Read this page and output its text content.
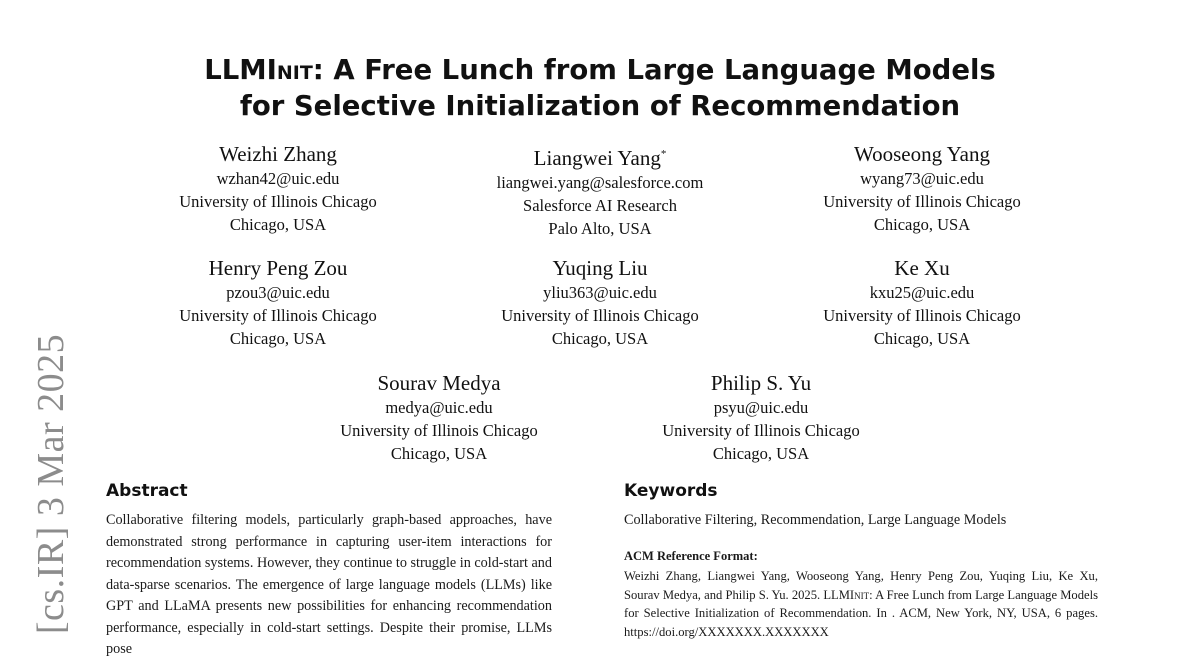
LLMInit: A Free Lunch from Large Language Models
for Selective Initialization of Recommendation
Weizhi Zhang
wzhan42@uic.edu
University of Illinois Chicago
Chicago, USA
Liangwei Yang*
liangwei.yang@salesforce.com
Salesforce AI Research
Palo Alto, USA
Wooseong Yang
wyang73@uic.edu
University of Illinois Chicago
Chicago, USA
Henry Peng Zou
pzou3@uic.edu
University of Illinois Chicago
Chicago, USA
Yuqing Liu
yliu363@uic.edu
University of Illinois Chicago
Chicago, USA
Ke Xu
kxu25@uic.edu
University of Illinois Chicago
Chicago, USA
Sourav Medya
medya@uic.edu
University of Illinois Chicago
Chicago, USA
Philip S. Yu
psyu@uic.edu
University of Illinois Chicago
Chicago, USA
[cs.IR] 3 Mar 2025 Abstract
Collaborative filtering models, particularly graph-based approaches, have demonstrated strong performance in capturing user-item interactions for recommendation systems. However, they continue to struggle in cold-start and data-sparse scenarios. The emergence of large language models (LLMs) like GPT and LLaMA presents new possibilities for enhancing recommendation performance, especially in cold-start settings. Despite their promise, LLMs pose
Keywords
Collaborative Filtering, Recommendation, Large Language Models
ACM Reference Format:
Weizhi Zhang, Liangwei Yang, Wooseong Yang, Henry Peng Zou, Yuqing Liu, Ke Xu, Sourav Medya, and Philip S. Yu. 2025. LLMInit: A Free Lunch from Large Language Models for Selective Initialization of Recommendation. In . ACM, New York, NY, USA, 6 pages. https://doi.org/XXXXXXX.XXXXXXX
